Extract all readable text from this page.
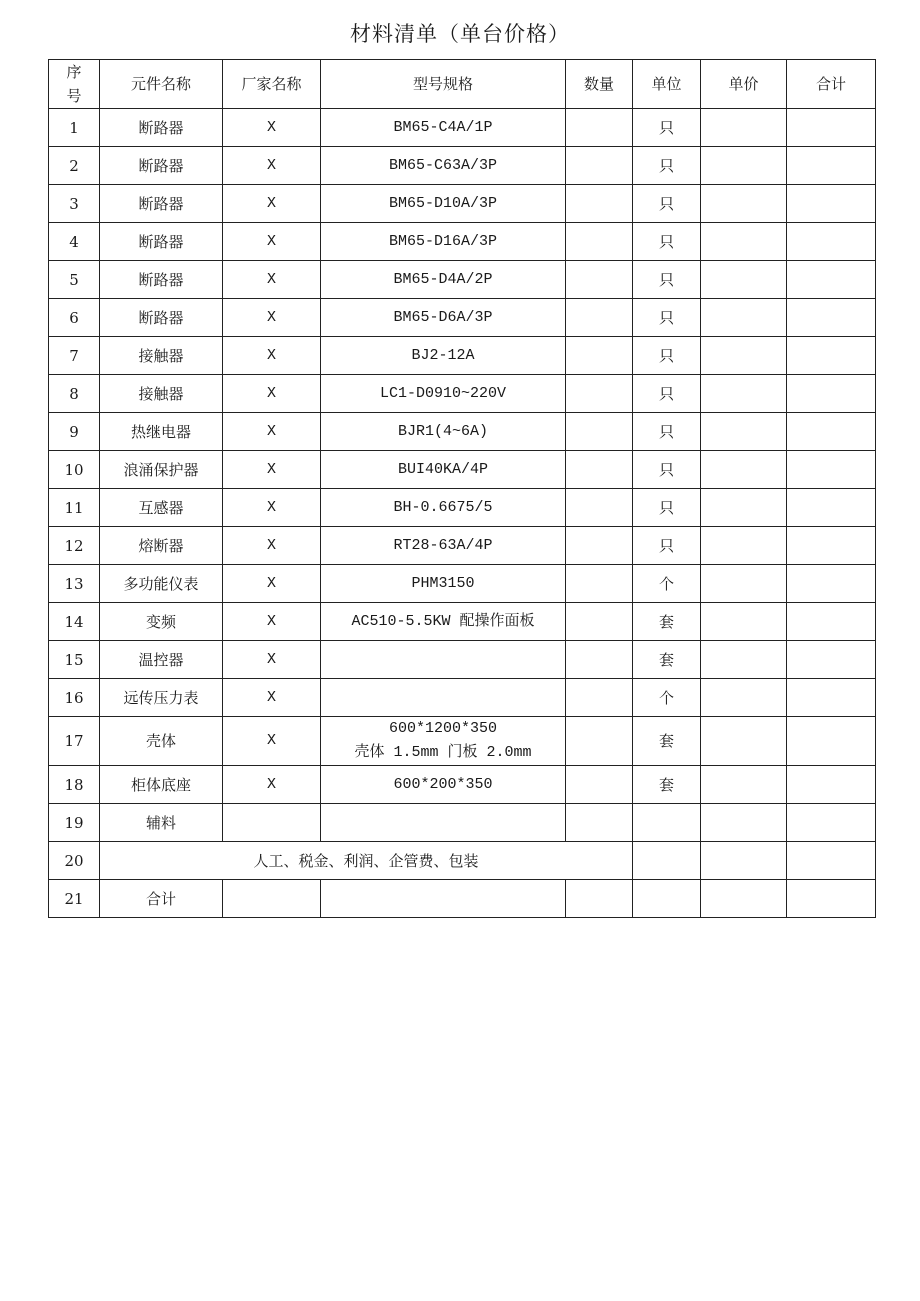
材料清单（单台价格）
序
号	元件名称	厂家名称	型号规格	数量	单位	单价	合计
1	断路器	X	BM65-C4A/1P		只		
2	断路器	X	BM65-C63A/3P		只		
3	断路器	X	BM65-D10A/3P		只		
4	断路器	X	BM65-D16A/3P		只		
5	断路器	X	BM65-D4A/2P		只		
6	断路器	X	BM65-D6A/3P		只		
7	接触器	X	BJ2-12A		只		
8	接触器	X	LC1-D0910~220V		只		
9	热继电器	X	BJR1(4~6A)		只		
10	浪涌保护器	X	BUI40KA/4P		只		
11	互感器	X	BH-0.6675/5		只		
12	熔断器	X	RT28-63A/4P		只		
13	多功能仪表	X	PHM3150		个		
14	变频	X	AC510-5.5KW 配操作面板		套		
15	温控器	X			套		
16	远传压力表	X			个		
17	壳体	X	600*1200*350
壳体 1.5mm 门板 2.0mm		套		
18	柜体底座	X	600*200*350		套		
19	辅料						
20	人工、税金、利润、企管费、包装						
21	合计						
